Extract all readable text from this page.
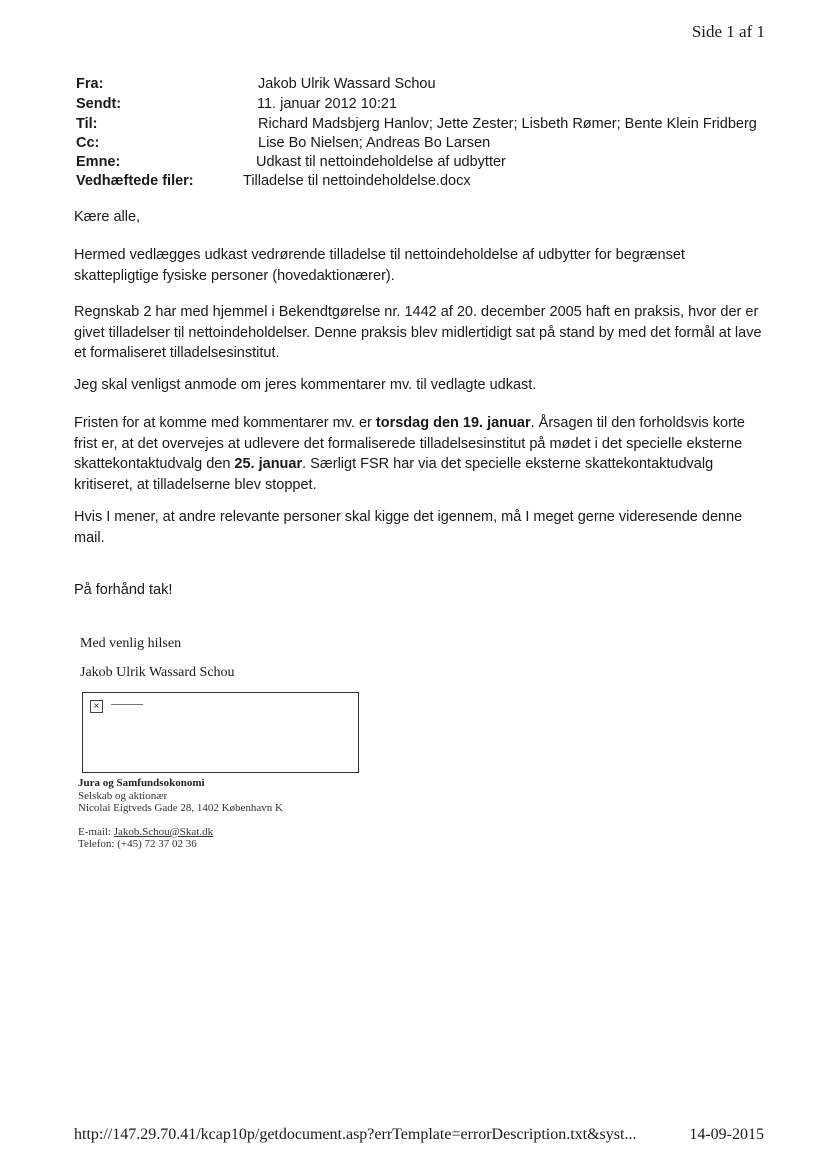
Side 1 af 1
Fra:	Jakob Ulrik Wassard Schou
Sendt:	11. januar 2012 10:21
Til:	Richard Madsbjerg Hanlov; Jette Zester; Lisbeth Rømer; Bente Klein Fridberg
Cc:	Lise Bo Nielsen; Andreas Bo Larsen
Emne:	Udkast til nettoindeholdelse af udbytter
Vedhæftede filer:	Tilladelse til nettoindeholdelse.docx
Kære alle,
Hermed vedlægges udkast vedrørende tilladelse til nettoindeholdelse af udbytter for begrænset skattepligtige fysiske personer (hovedaktionærer).
Regnskab 2 har med hjemmel i Bekendtgørelse nr. 1442 af 20. december 2005 haft en praksis, hvor der er givet tilladelser til nettoindeholdelser. Denne praksis blev midlertidigt sat på stand by med det formål at lave et formaliseret tilladelsesinstitut.
Jeg skal venligst anmode om jeres kommentarer mv. til vedlagte udkast.
Fristen for at komme med kommentarer mv. er torsdag den 19. januar. Årsagen til den forholdsvis korte frist er, at det overvejes at udlevere det formaliserede tilladelsesinstitut på mødet i det specielle eksterne skattekontaktudvalg den 25. januar. Særligt FSR har via det specielle eksterne skattekontaktudvalg kritiseret, at tilladelserne blev stoppet.
Hvis I mener, at andre relevante personer skal kigge det igennem, må I meget gerne videresende denne mail.
På forhånd tak!
Med venlig hilsen
Jakob Ulrik Wassard Schou
×
Jura og Samfundsokonomi
Selskab og aktionær
Nicolai Eigtveds Gade 28, 1402 København K
E-mail: Jakob.Schou@Skat.dk
Telefon: (+45) 72 37 02 36
http://147.29.70.41/kcap10p/getdocument.asp?errTemplate=errorDescription.txt&syst...	14-09-2015
